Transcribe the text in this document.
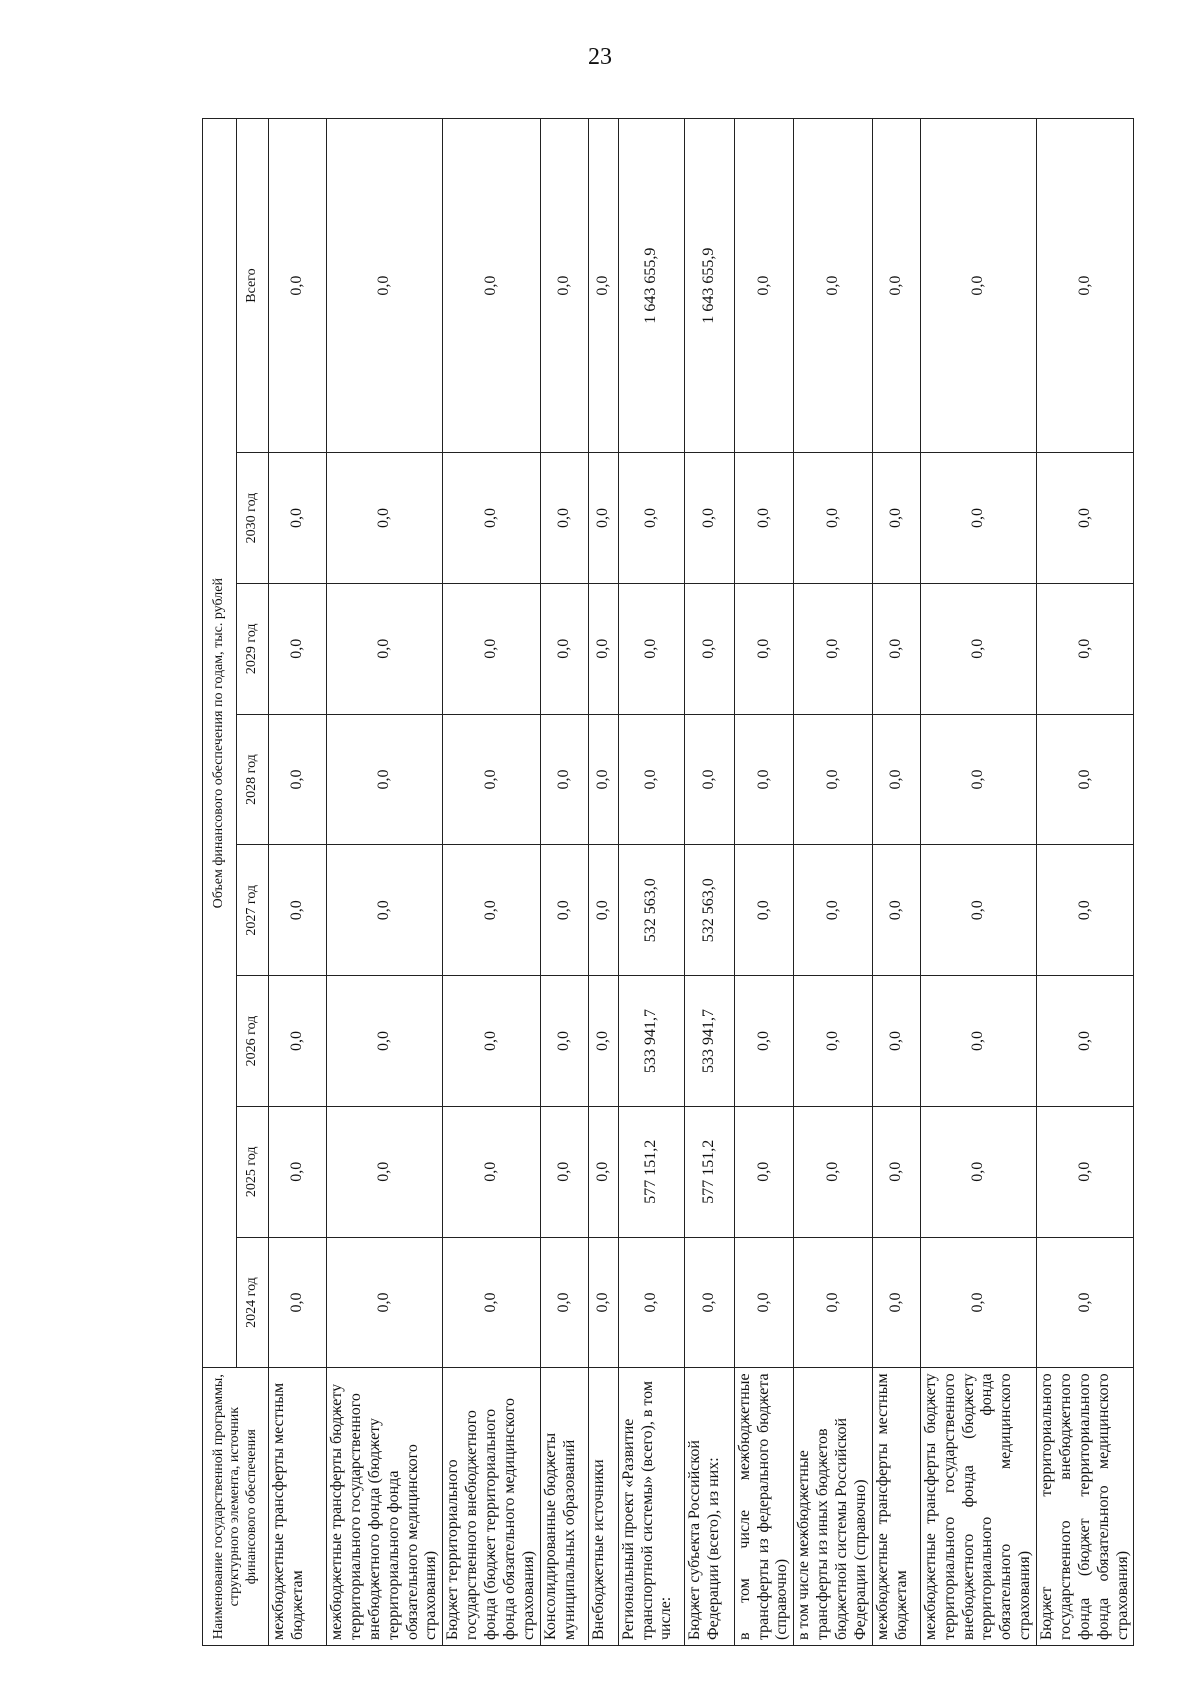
23
Наименование государственной программы, структурного элемента, источник финансового обеспечения	Объем финансового обеспечения по годам, тыс. рублей							
	2024 год	2025 год	2026 год	2027 год	2028 год	2029 год	2030 год	Всего
межбюджетные трансферты местным бюджетам	0,0	0,0	0,0	0,0	0,0	0,0	0,0	0,0
межбюджетные трансферты бюджету территориального государственного внебюджетного фонда (бюджету территориального фонда обязательного медицинского страхования)	0,0	0,0	0,0	0,0	0,0	0,0	0,0	0,0
Бюджет территориального государственного внебюджетного фонда (бюджет территориального фонда обязательного медицинского страхования)	0,0	0,0	0,0	0,0	0,0	0,0	0,0	0,0
Консолидированные бюджеты муниципальных образований	0,0	0,0	0,0	0,0	0,0	0,0	0,0	0,0
Внебюджетные источники	0,0	0,0	0,0	0,0	0,0	0,0	0,0	0,0
Региональный проект «Развитие транспортной системы» (всего), в том числе:	0,0	577 151,2	533 941,7	532 563,0	0,0	0,0	0,0	1 643 655,9
Бюджет субъекта Российской Федерации (всего), из них:	0,0	577 151,2	533 941,7	532 563,0	0,0	0,0	0,0	1 643 655,9
в том числе межбюджетные трансферты из федерального бюджета (справочно)	0,0	0,0	0,0	0,0	0,0	0,0	0,0	0,0
в том числе межбюджетные трансферты из иных бюджетов бюджетной системы Российской Федерации (справочно)	0,0	0,0	0,0	0,0	0,0	0,0	0,0	0,0
межбюджетные трансферты местным бюджетам	0,0	0,0	0,0	0,0	0,0	0,0	0,0	0,0
межбюджетные трансферты бюджету территориального государственного внебюджетного фонда (бюджету территориального фонда обязательного медицинского страхования)	0,0	0,0	0,0	0,0	0,0	0,0	0,0	0,0
Бюджет территориального государственного внебюджетного фонда (бюджет территориального фонда обязательного медицинского страхования)	0,0	0,0	0,0	0,0	0,0	0,0	0,0	0,0
